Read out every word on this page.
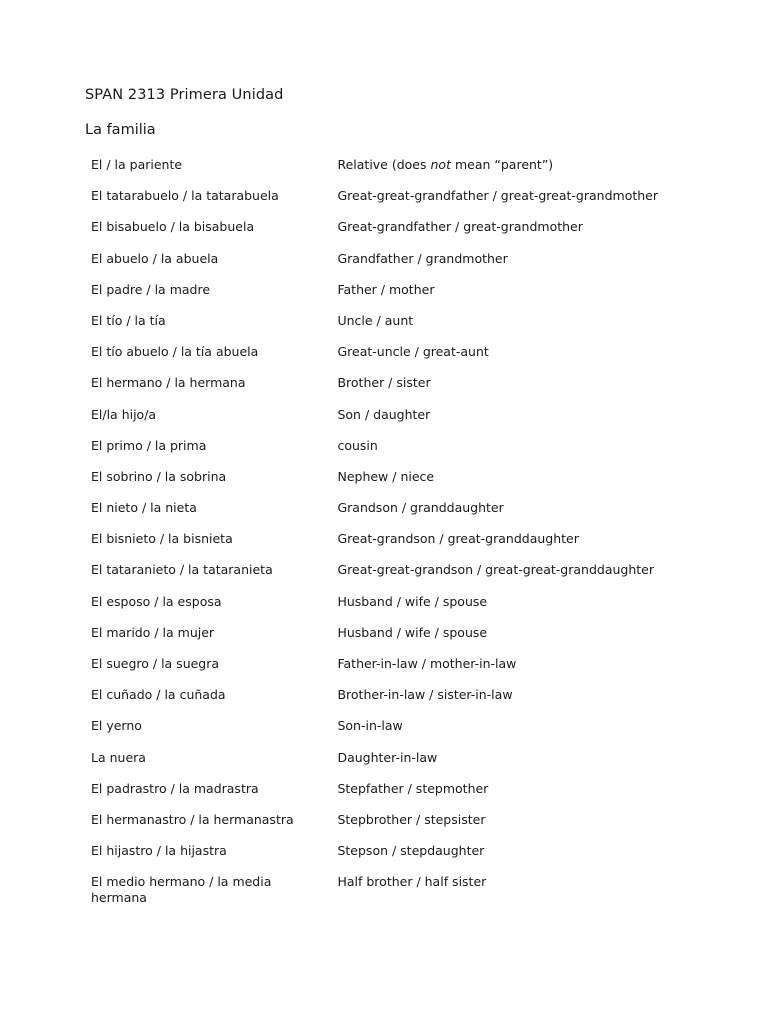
SPAN 2313 Primera Unidad
La familia
El / la pariente	Relative (does not mean “parent”)
El tatarabuelo / la tatarabuela	Great-great-grandfather / great-great-grandmother
El bisabuelo / la bisabuela	Great-grandfather / great-grandmother
El abuelo / la abuela	Grandfather / grandmother
El padre / la madre	Father / mother
El tío / la tía	Uncle / aunt
El tío abuelo / la tía abuela	Great-uncle / great-aunt
El hermano / la hermana	Brother / sister
El/la hijo/a	Son / daughter
El primo / la prima	cousin
El sobrino / la sobrina	Nephew / niece
El nieto / la nieta	Grandson / granddaughter
El bisnieto / la bisnieta	Great-grandson / great-granddaughter
El tataranieto / la tataranieta	Great-great-grandson / great-great-granddaughter
El esposo / la esposa	Husband / wife / spouse
El marido / la mujer	Husband / wife / spouse
El suegro / la suegra	Father-in-law / mother-in-law
El cuñado / la cuñada	Brother-in-law / sister-in-law
El yerno	Son-in-law
La nuera	Daughter-in-law
El padrastro / la madrastra	Stepfather / stepmother
El hermanastro / la hermanastra	Stepbrother / stepsister
El hijastro / la hijastra	Stepson / stepdaughter
El medio hermano / la media hermana	Half brother / half sister
